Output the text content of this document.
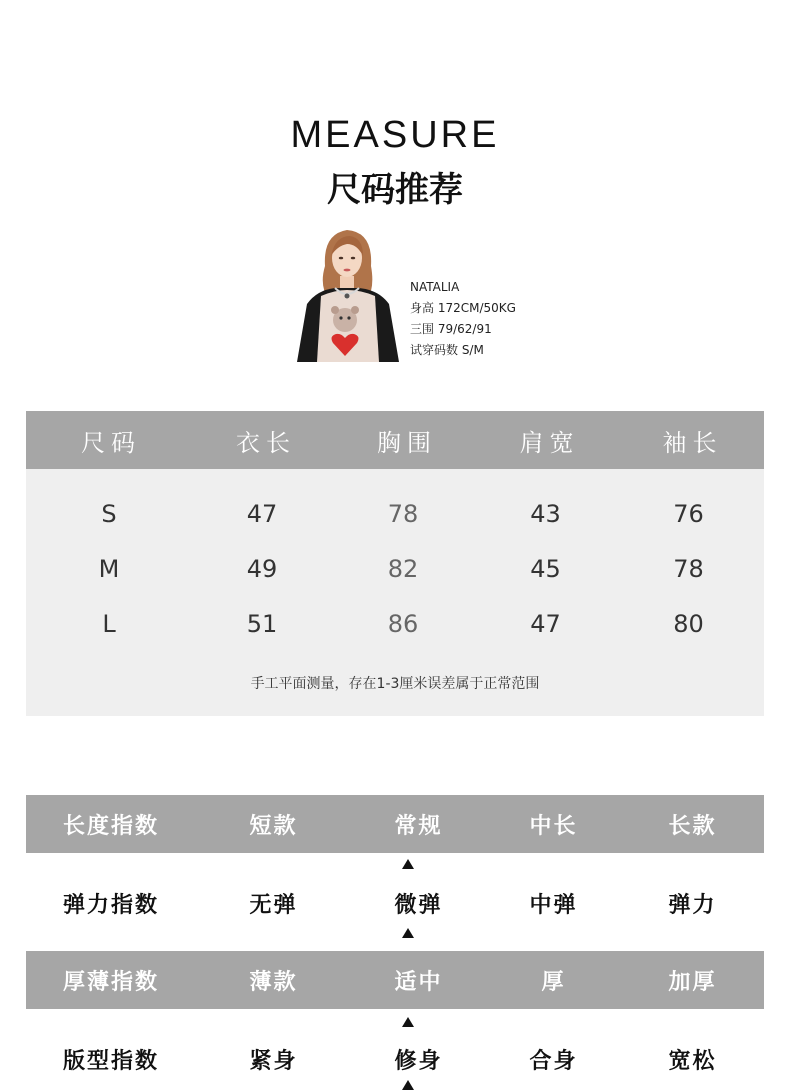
MEASURE
尺码推荐
NATALIA
身高 172CM/50KG
三围 79/62/91
试穿码数 S/M
尺码	衣长	胸围	肩宽	袖长
S	47	78	43	76
M	49	82	45	78
L	51	86	47	80
手工平面测量，存在1-3厘米误差属于正常范围
长度指数	短款	常规	中长	长款
弹力指数	无弹	微弹	中弹	弹力
厚薄指数	薄款	适中	厚	加厚
版型指数	紧身	修身	合身	宽松
